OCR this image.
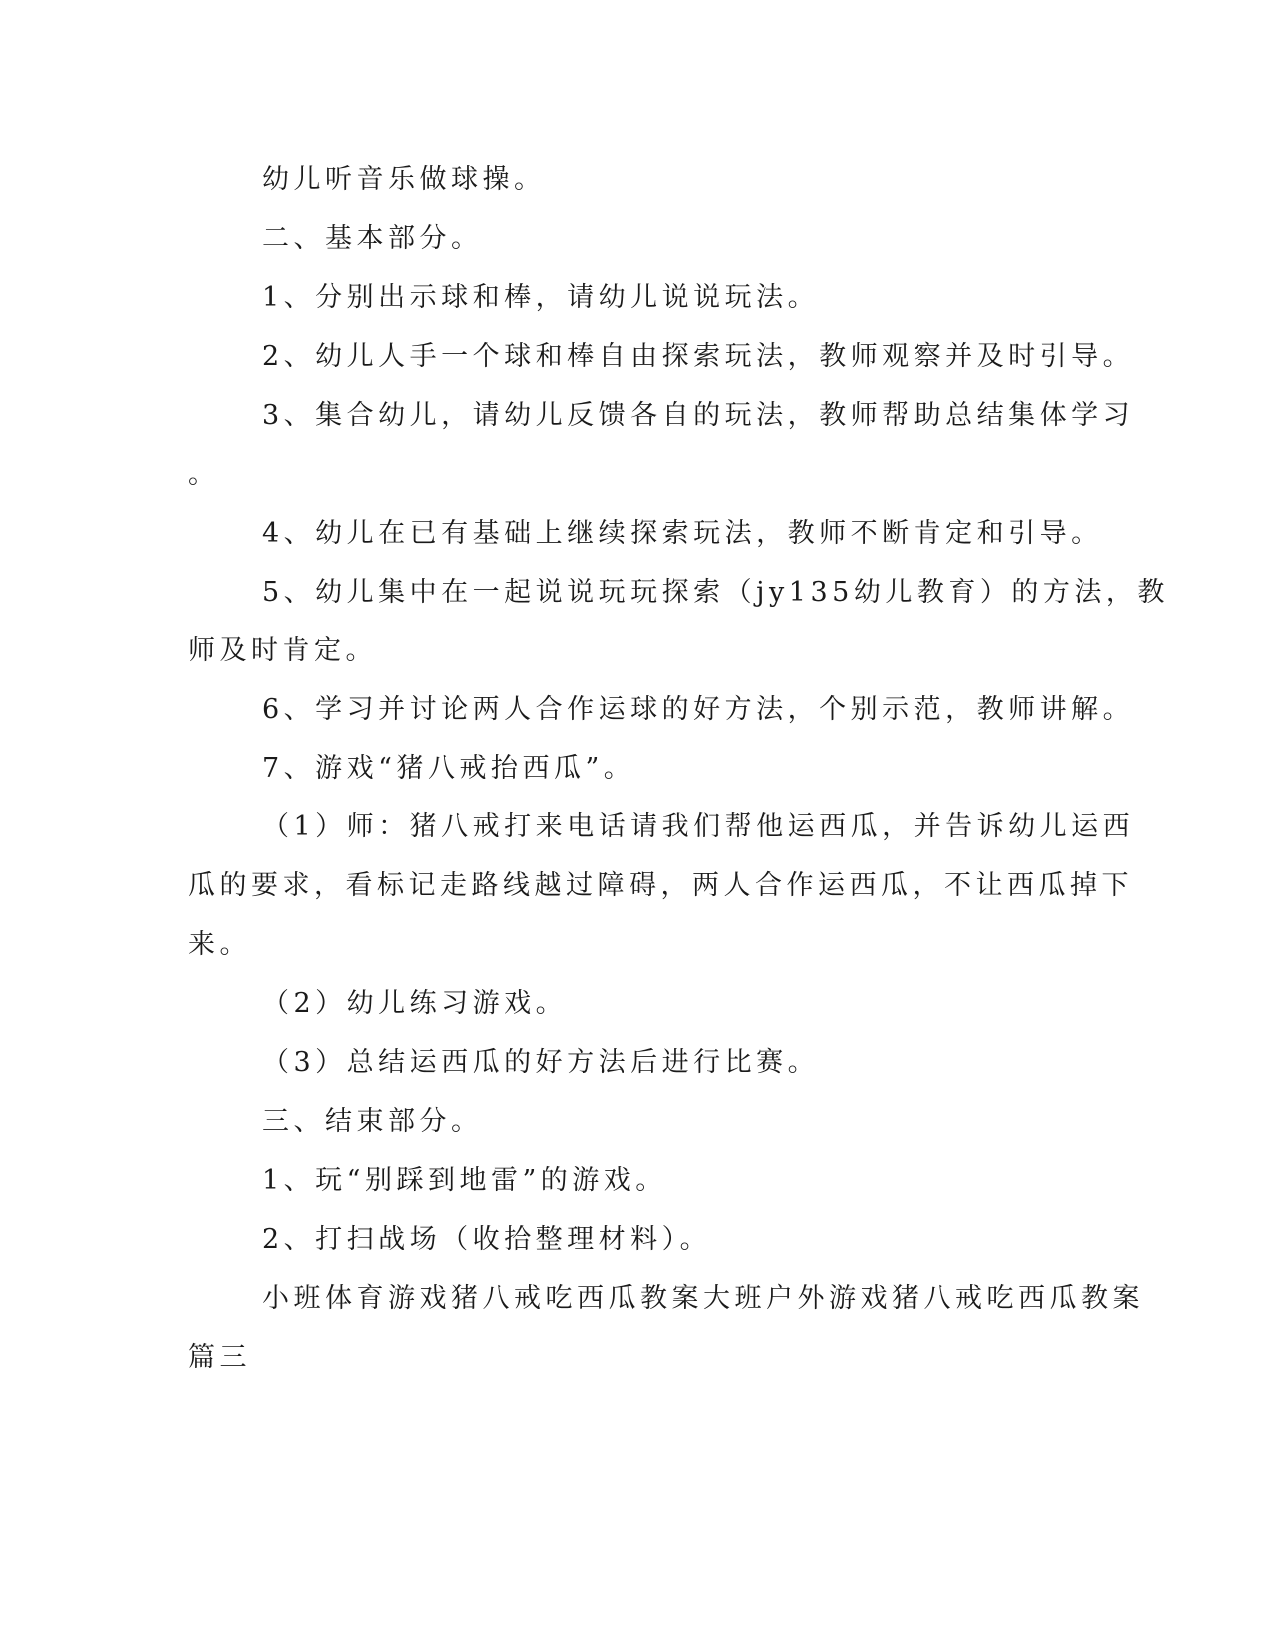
幼儿听音乐做球操。

二、基本部分。

1、分别出示球和棒，请幼儿说说玩法。

2、幼儿人手一个球和棒自由探索玩法，教师观察并及时引导。

3、集合幼儿，请幼儿反馈各自的玩法，教师帮助总结集体学习

。

4、幼儿在已有基础上继续探索玩法，教师不断肯定和引导。

5、幼儿集中在一起说说玩玩探索（jy135幼儿教育）的方法，教

师及时肯定。

6、学习并讨论两人合作运球的好方法，个别示范，教师讲解。

7、游戏“猪八戒抬西瓜”。

（1）师：猪八戒打来电话请我们帮他运西瓜，并告诉幼儿运西

瓜的要求，看标记走路线越过障碍，两人合作运西瓜，不让西瓜掉下

来。

（2）幼儿练习游戏。

（3）总结运西瓜的好方法后进行比赛。

三、结束部分。

1、玩“别踩到地雷”的游戏。

2、打扫战场（收拾整理材料）。

小班体育游戏猪八戒吃西瓜教案大班户外游戏猪八戒吃西瓜教案

篇三
